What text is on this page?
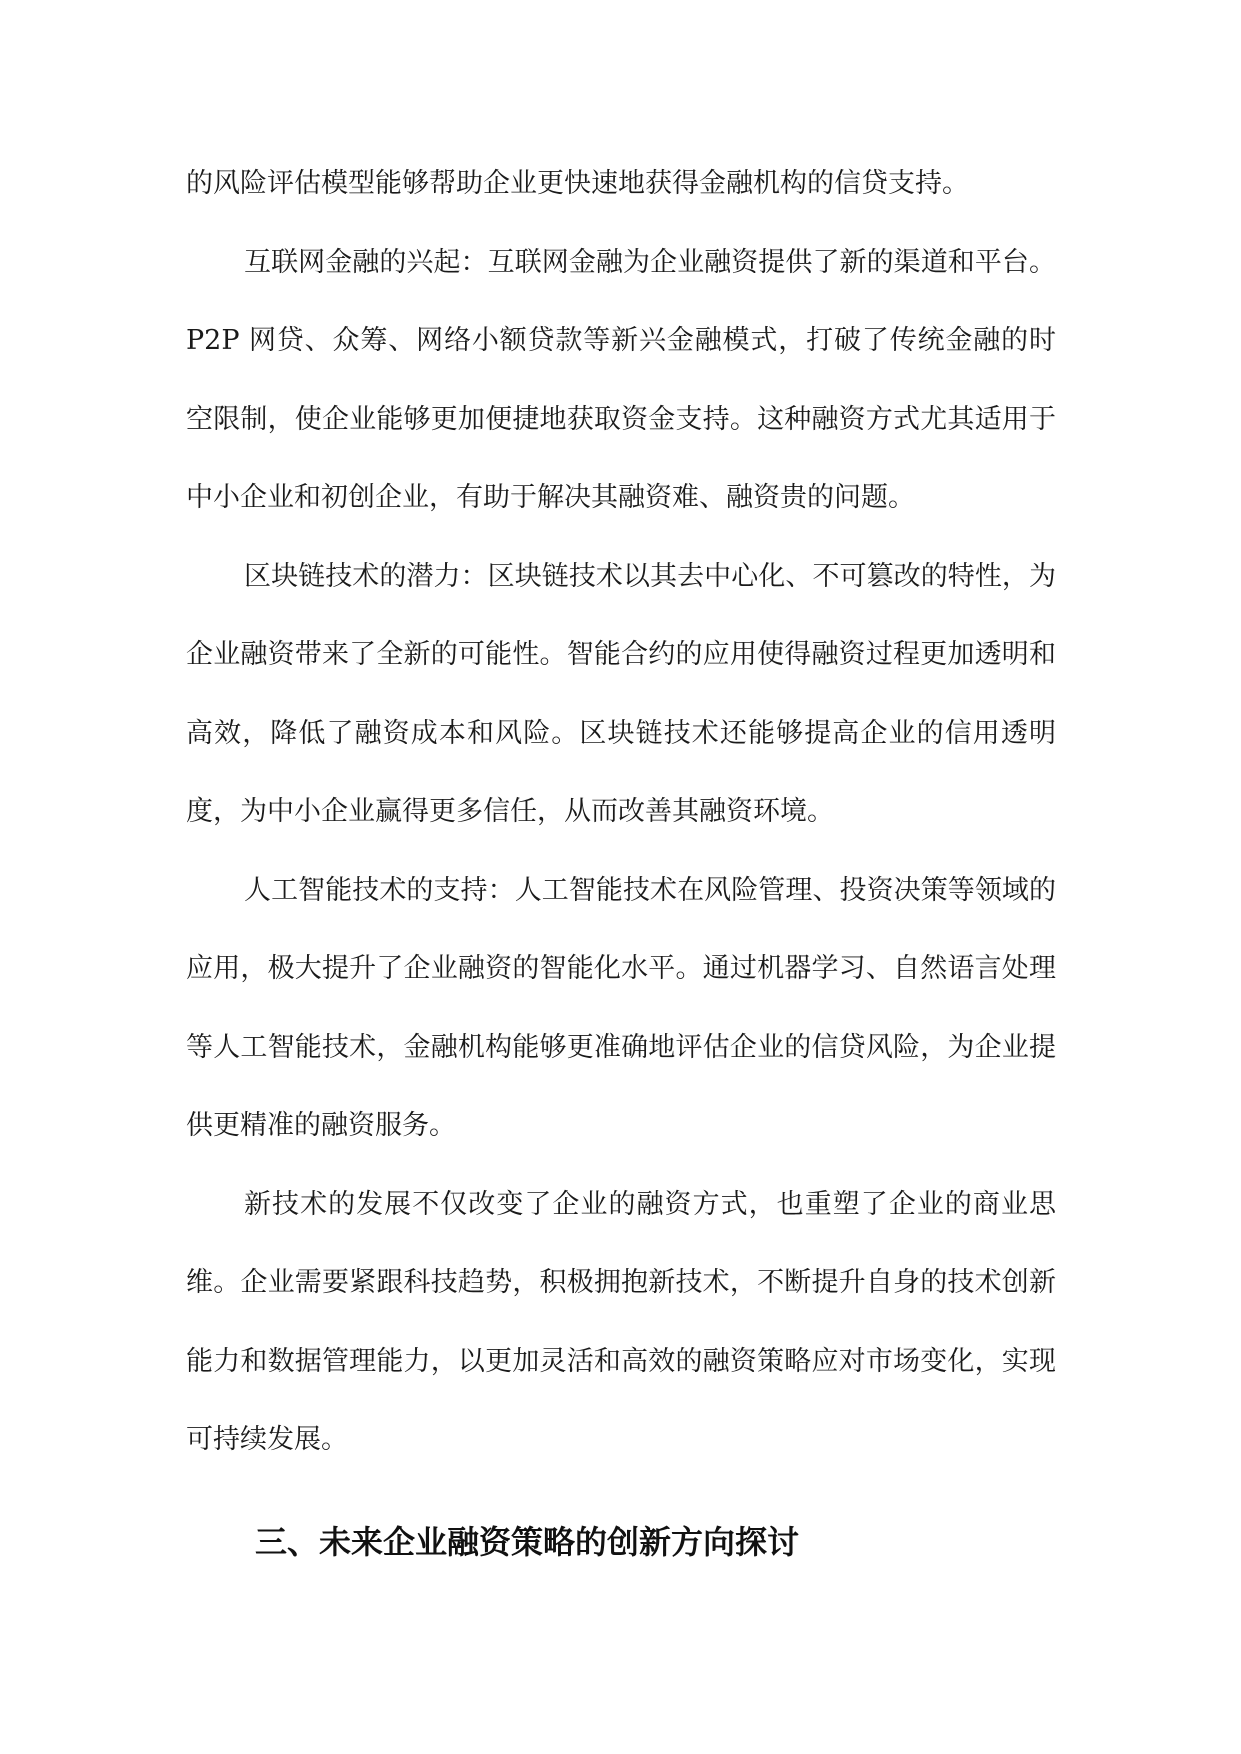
的风险评估模型能够帮助企业更快速地获得金融机构的信贷支持。

互联网金融的兴起：互联网金融为企业融资提供了新的渠道和平台。P2P 网贷、众筹、网络小额贷款等新兴金融模式，打破了传统金融的时空限制，使企业能够更加便捷地获取资金支持。这种融资方式尤其适用于中小企业和初创企业，有助于解决其融资难、融资贵的问题。

区块链技术的潜力：区块链技术以其去中心化、不可篡改的特性，为企业融资带来了全新的可能性。智能合约的应用使得融资过程更加透明和高效，降低了融资成本和风险。区块链技术还能够提高企业的信用透明度，为中小企业赢得更多信任，从而改善其融资环境。

人工智能技术的支持：人工智能技术在风险管理、投资决策等领域的应用，极大提升了企业融资的智能化水平。通过机器学习、自然语言处理等人工智能技术，金融机构能够更准确地评估企业的信贷风险，为企业提供更精准的融资服务。

新技术的发展不仅改变了企业的融资方式，也重塑了企业的商业思维。企业需要紧跟科技趋势，积极拥抱新技术，不断提升自身的技术创新能力和数据管理能力，以更加灵活和高效的融资策略应对市场变化，实现可持续发展。

三、未来企业融资策略的创新方向探讨
